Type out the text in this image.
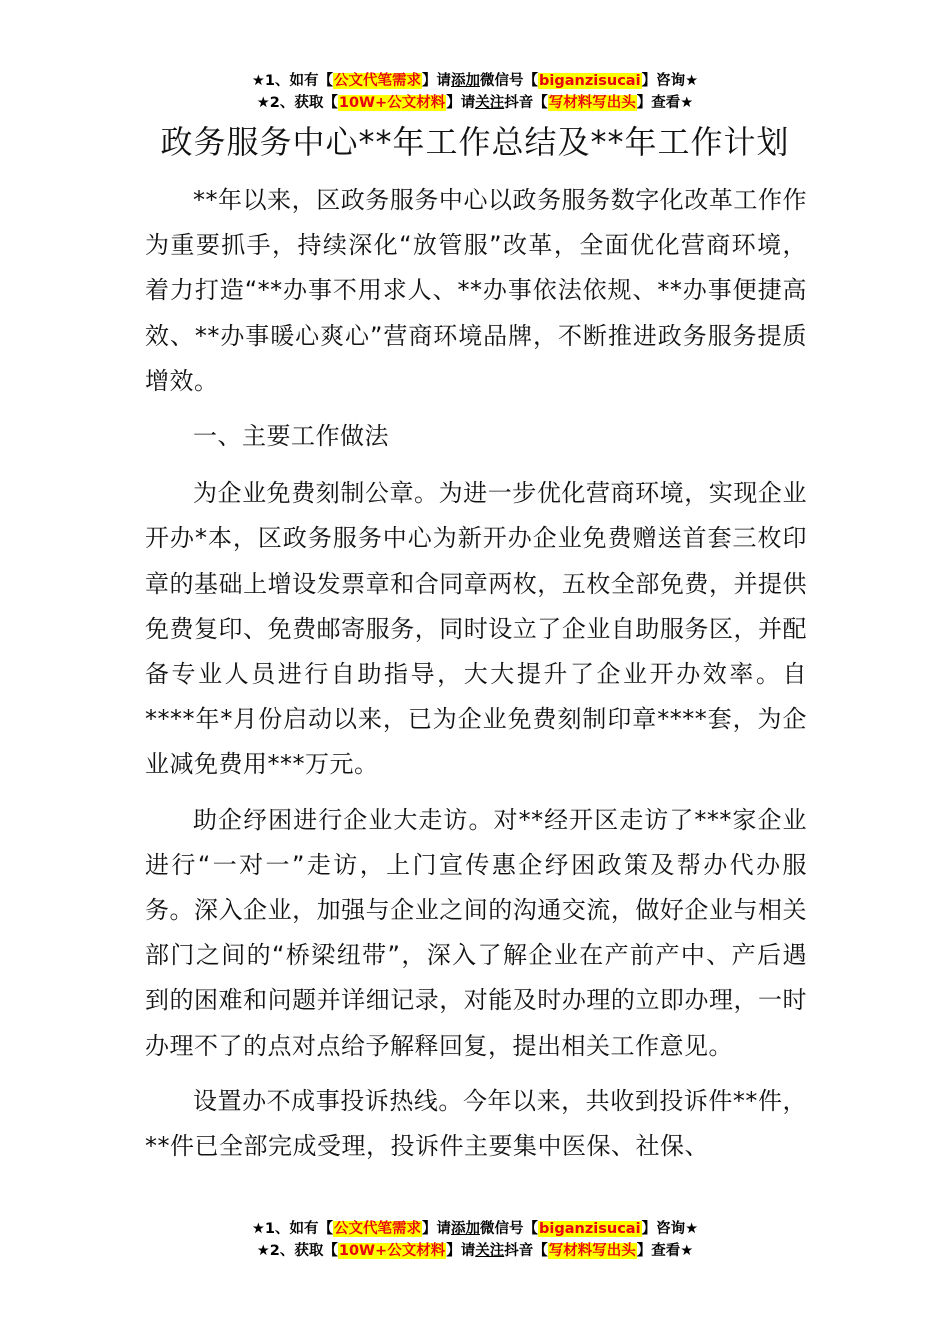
★1、如有【公文代笔需求】请添加微信号【biganzisucai】咨询★
★2、获取【10W+公文材料】请关注抖音【写材料写出头】查看★
政务服务中心**年工作总结及**年工作计划

**年以来，区政务服务中心以政务服务数字化改革工作作为重要抓手，持续深化“放管服”改革，全面优化营商环境，着力打造“**办事不用求人、**办事依法依规、**办事便捷高效、**办事暖心爽心”营商环境品牌，不断推进政务服务提质增效。

一、主要工作做法

为企业免费刻制公章。为进一步优化营商环境，实现企业开办*本，区政务服务中心为新开办企业免费赠送首套三枚印章的基础上增设发票章和合同章两枚，五枚全部免费，并提供免费复印、免费邮寄服务，同时设立了企业自助服务区，并配备专业人员进行自助指导，大大提升了企业开办效率。自****年*月份启动以来，已为企业免费刻制印章****套，为企业减免费用***万元。

助企纾困进行企业大走访。对**经开区走访了***家企业进行“一对一”走访，上门宣传惠企纾困政策及帮办代办服务。深入企业，加强与企业之间的沟通交流，做好企业与相关部门之间的“桥梁纽带”，深入了解企业在产前产中、产后遇到的困难和问题并详细记录，对能及时办理的立即办理，一时办理不了的点对点给予解释回复，提出相关工作意见。

设置办不成事投诉热线。今年以来，共收到投诉件**件，**件已全部完成受理，投诉件主要集中医保、社保、

★1、如有【公文代笔需求】请添加微信号【biganzisucai】咨询★
★2、获取【10W+公文材料】请关注抖音【写材料写出头】查看★
